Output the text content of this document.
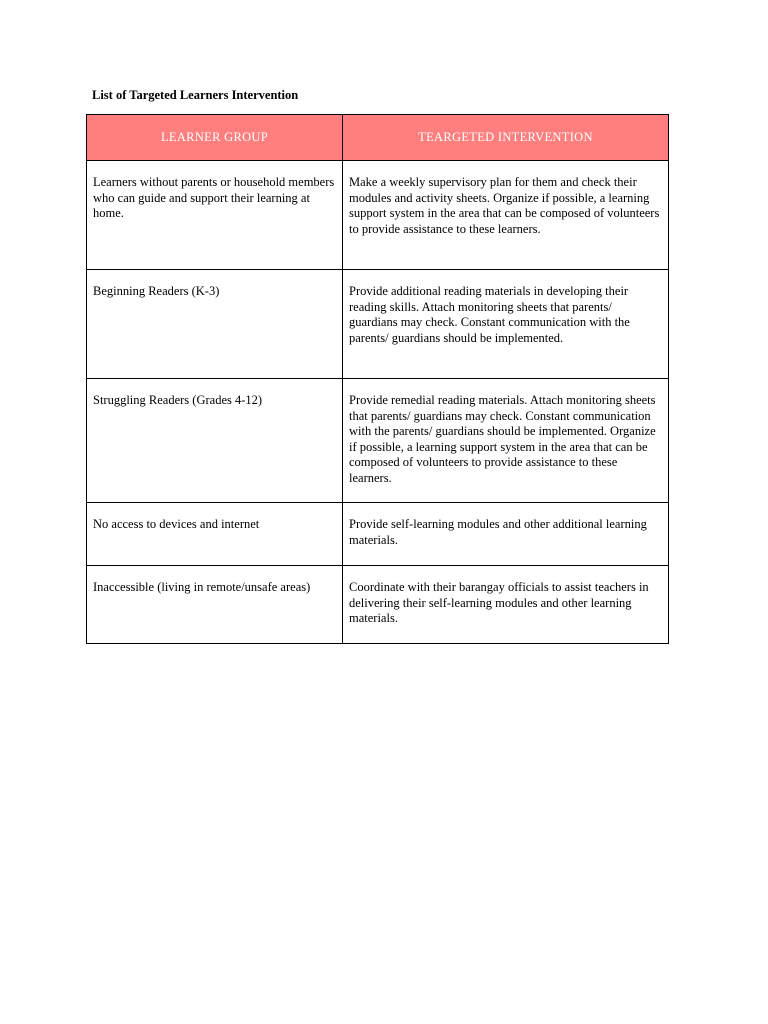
List of Targeted Learners Intervention
LEARNER GROUP	TEARGETED INTERVENTION
Learners without parents or household members who can guide and support their learning at home.	Make a weekly supervisory plan for them and check their modules and activity sheets. Organize if possible, a learning support system in the area that can be composed of volunteers to provide assistance to these learners.
Beginning Readers (K-3)	Provide additional reading materials in developing their reading skills. Attach monitoring sheets that parents/ guardians may check. Constant communication with the parents/ guardians should be implemented.
Struggling Readers (Grades 4-12)	Provide remedial reading materials. Attach monitoring sheets that parents/ guardians may check. Constant communication with the parents/ guardians should be implemented. Organize if possible, a learning support system in the area that can be composed of volunteers to provide assistance to these learners.
No access to devices and internet	Provide self-learning modules and other additional learning materials.
Inaccessible (living in remote/unsafe areas)	Coordinate with their barangay officials to assist teachers in delivering their self-learning modules and other learning materials.
